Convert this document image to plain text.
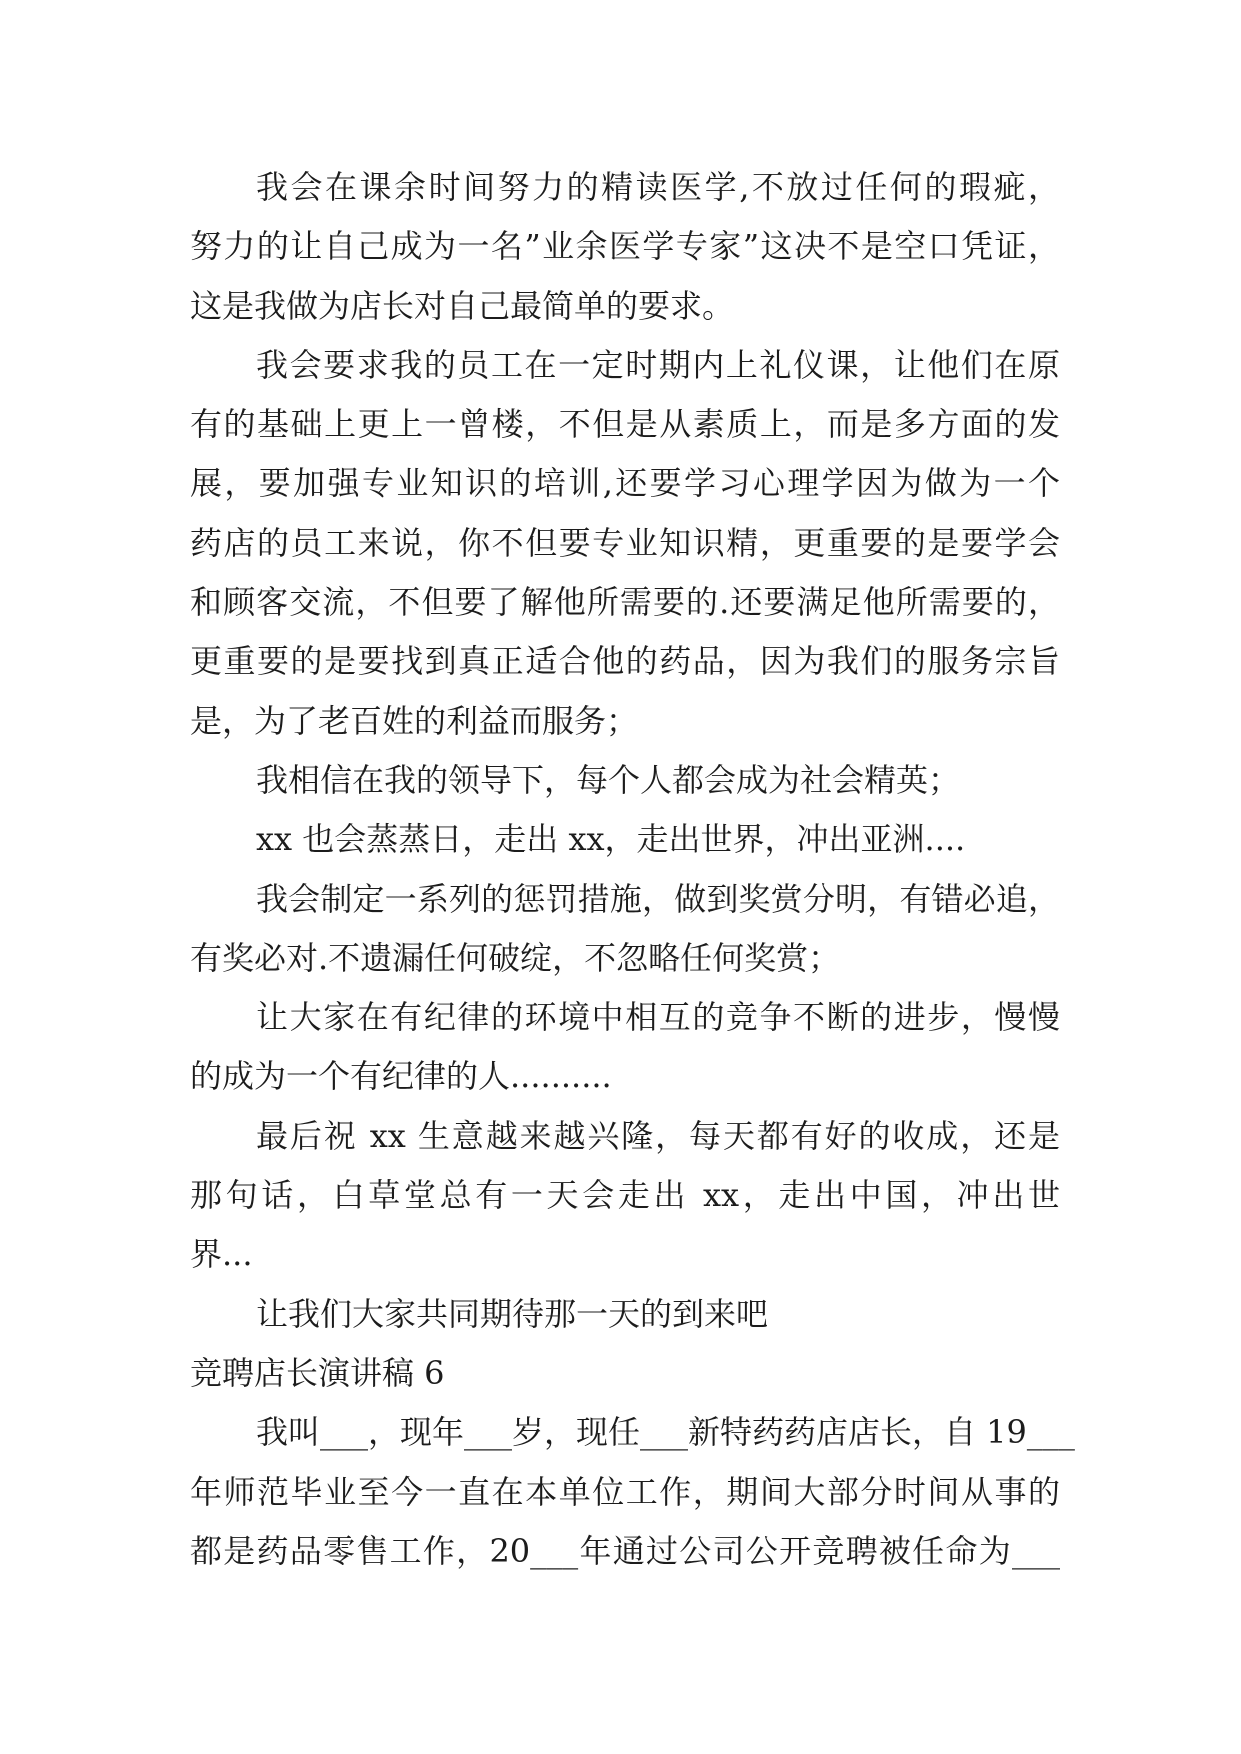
我会在课余时间努力的精读医学,不放过任何的瑕疵，
努力的让自己成为一名”业余医学专家”这决不是空口凭证，
这是我做为店长对自己最简单的要求。
我会要求我的员工在一定时期内上礼仪课，让他们在原
有的基础上更上一曾楼，不但是从素质上，而是多方面的发
展，要加强专业知识的培训,还要学习心理学因为做为一个
药店的员工来说，你不但要专业知识精，更重要的是要学会
和顾客交流，不但要了解他所需要的.还要满足他所需要的，
更重要的是要找到真正适合他的药品，因为我们的服务宗旨
是，为了老百姓的利益而服务；
我相信在我的领导下，每个人都会成为社会精英；
xx 也会蒸蒸日，走出 xx，走出世界，冲出亚洲....
我会制定一系列的惩罚措施，做到奖赏分明，有错必追，
有奖必对.不遗漏任何破绽，不忽略任何奖赏；
让大家在有纪律的环境中相互的竞争不断的进步，慢慢
的成为一个有纪律的人..........
最后祝 xx 生意越来越兴隆，每天都有好的收成，还是
那句话，白草堂总有一天会走出 xx，走出中国，冲出世
界...
让我们大家共同期待那一天的到来吧
竞聘店长演讲稿 6
我叫___，现年___岁，现任___新特药药店店长，自 19___
年师范毕业至今一直在本单位工作，期间大部分时间从事的
都是药品零售工作，20___年通过公司公开竞聘被任命为___
